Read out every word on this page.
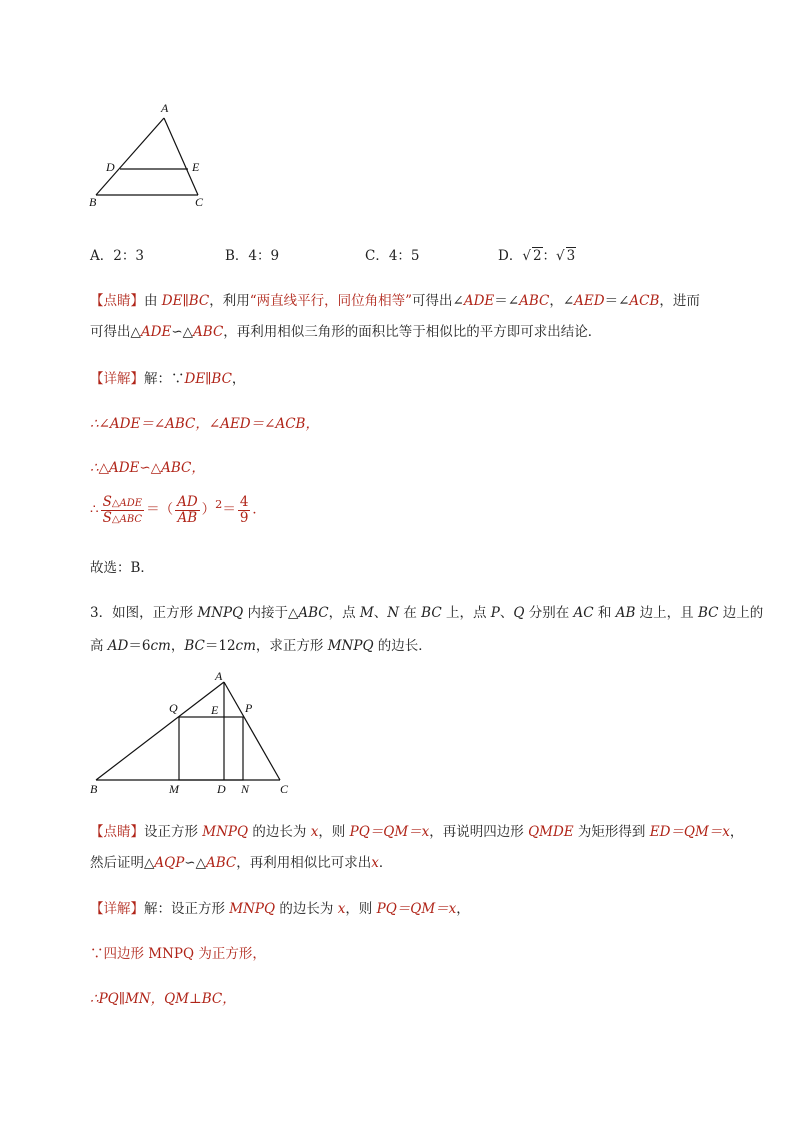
A
D	E
B	C
A．2：3	B．4：9	C．4：5	D．√ 2：√ 3
【点睛】由 DE∥BC，利用“两直线平行，同位角相等”可得出∠ADE＝∠ABC，∠AED＝∠ACB，进而
可得出△ADE∽△ABC，再利用相似三角形的面积比等于相似比的平方即可求出结论．
【详解】解：∵DE∥BC，
∴∠ADE＝∠ABC，∠AED＝∠ACB，
∴△ADE∽△ABC，
∴ $\frac{\text{S△ADE}}{\text{S△ABC}}$ ＝（ $\frac{AD}{AB} )^2= \frac{4}{9}$ ．
故选：B．
3．如图，正方形 MNPQ 内接于△ABC，点 M、N 在 BC 上，点 P、Q 分别在 AC 和 AB 边上，且 BC 边上的
高 AD＝6cm，BC＝12cm，求正方形 MNPQ 的边长．
A
Q	E P
B	M	D N	C
【点睛】设正方形 MNPQ 的边长为 x，则 PQ＝QM＝x，再说明四边形 QMDE 为矩形得到 ED＝QM＝x，
然后证明△AQP∽△ABC，再利用相似比可求出x．
【详解】解：设正方形 MNPQ 的边长为 x，则 PQ＝QM＝x，
∵四边形 MNPQ 为正方形，
∴PQ∥MN，QM⊥BC，
